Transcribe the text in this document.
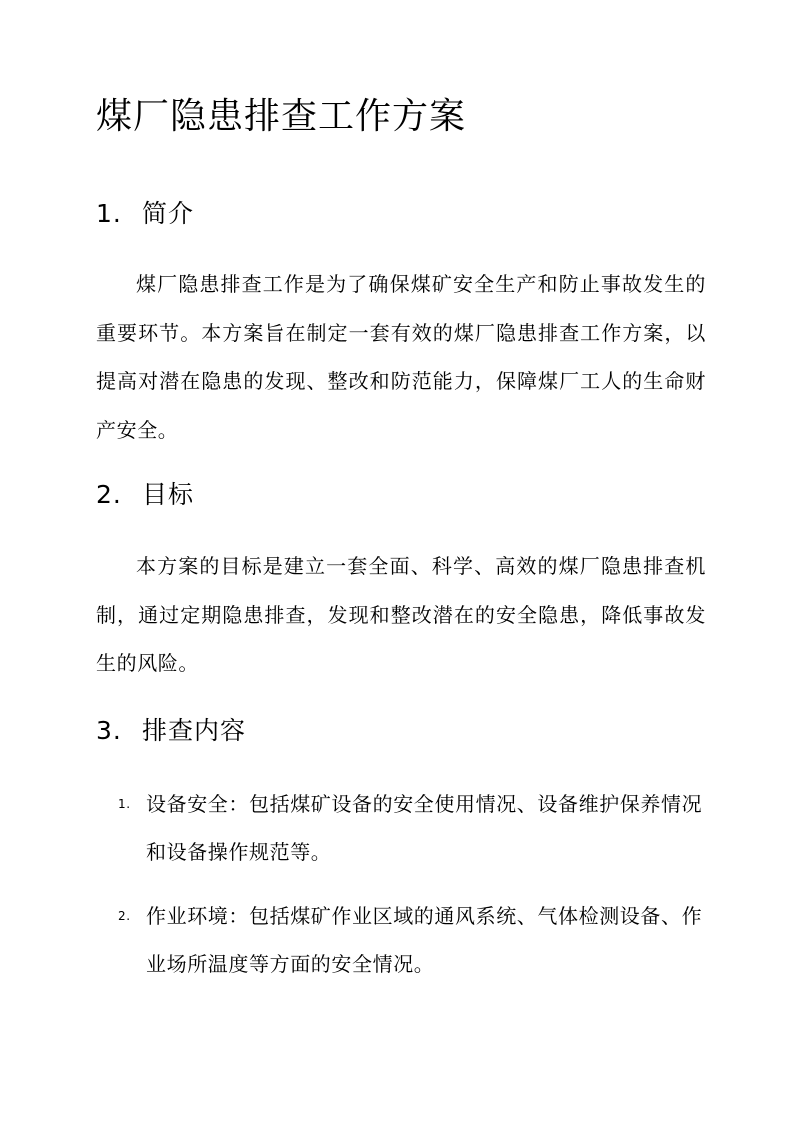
煤厂隐患排查工作方案
1. 简介

煤厂隐患排查工作是为了确保煤矿安全生产和防止事故发生的重要环节。本方案旨在制定一套有效的煤厂隐患排查工作方案，以提高对潜在隐患的发现、整改和防范能力，保障煤厂工人的生命财产安全。

2. 目标

本方案的目标是建立一套全面、科学、高效的煤厂隐患排查机制，通过定期隐患排查，发现和整改潜在的安全隐患，降低事故发生的风险。

3. 排查内容
1. 设备安全：包括煤矿设备的安全使用情况、设备维护保养情况和设备操作规范等。
2. 作业环境：包括煤矿作业区域的通风系统、气体检测设备、作业场所温度等方面的安全情况。
